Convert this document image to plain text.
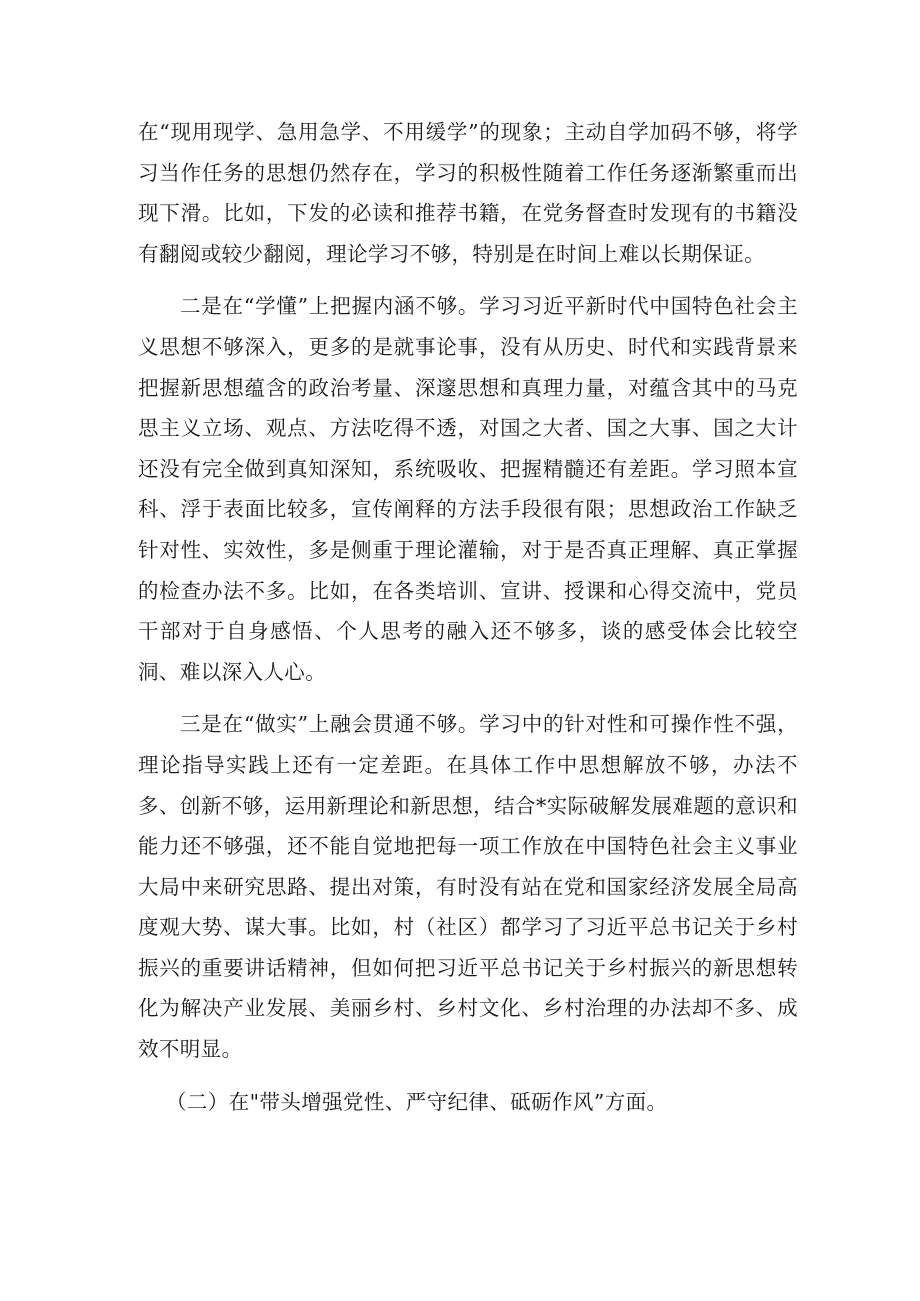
在“现用现学、急用急学、不用缓学”的现象；主动自学加码不够，将学习当作任务的思想仍然存在，学习的积极性随着工作任务逐渐繁重而出现下滑。比如，下发的必读和推荐书籍，在党务督查时发现有的书籍没有翻阅或较少翻阅，理论学习不够，特别是在时间上难以长期保证。

二是在“学懂”上把握内涵不够。学习习近平新时代中国特色社会主义思想不够深入，更多的是就事论事，没有从历史、时代和实践背景来把握新思想蕴含的政治考量、深邃思想和真理力量，对蕴含其中的马克思主义立场、观点、方法吃得不透，对国之大者、国之大事、国之大计还没有完全做到真知深知，系统吸收、把握精髓还有差距。学习照本宣科、浮于表面比较多，宣传阐释的方法手段很有限；思想政治工作缺乏针对性、实效性，多是侧重于理论灌输，对于是否真正理解、真正掌握的检查办法不多。比如，在各类培训、宣讲、授课和心得交流中，党员干部对于自身感悟、个人思考的融入还不够多，谈的感受体会比较空洞、难以深入人心。

三是在“做实”上融会贯通不够。学习中的针对性和可操作性不强，理论指导实践上还有一定差距。在具体工作中思想解放不够，办法不多、创新不够，运用新理论和新思想，结合*实际破解发展难题的意识和能力还不够强，还不能自觉地把每一项工作放在中国特色社会主义事业大局中来研究思路、提出对策，有时没有站在党和国家经济发展全局高度观大势、谋大事。比如，村（社区）都学习了习近平总书记关于乡村振兴的重要讲话精神，但如何把习近平总书记关于乡村振兴的新思想转化为解决产业发展、美丽乡村、乡村文化、乡村治理的办法却不多、成效不明显。

（二）在"带头增强党性、严守纪律、砥砺作风”方面。
